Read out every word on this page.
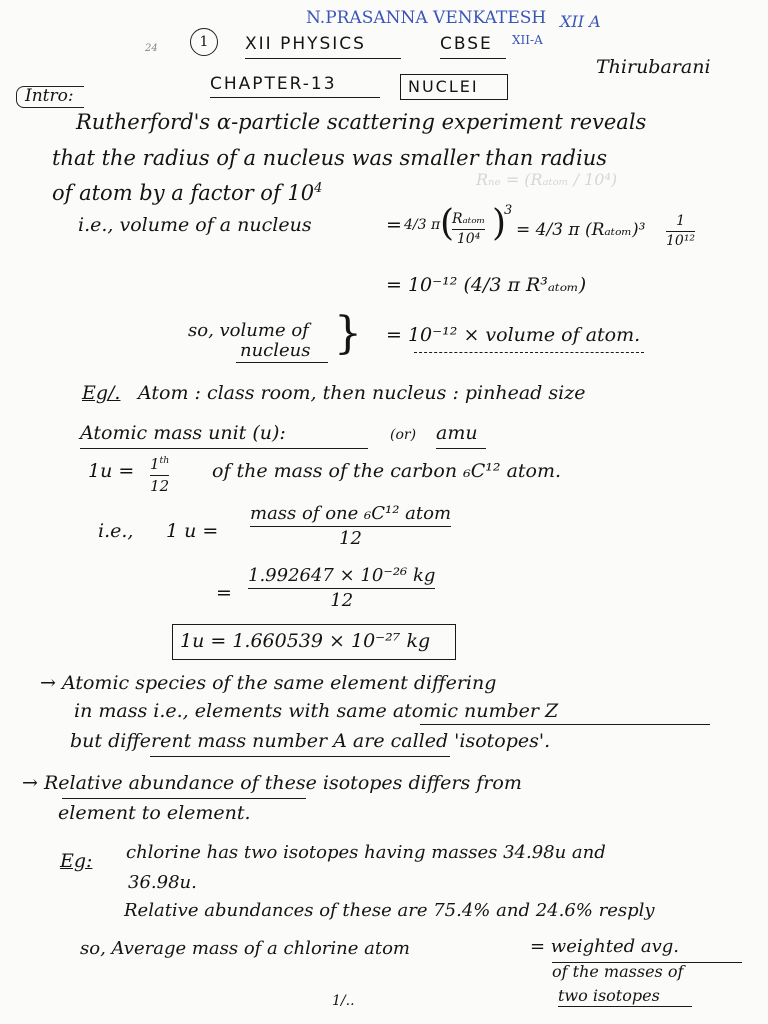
N.PRASANNA VENKATESH XII A
XII-A
24	1	XII PHYSICS	CBSE
Thirubarani
CHAPTER-13	NUCLEI
Intro:
Rutherford's α-particle scattering experiment reveals
that the radius of a nucleus was smaller than radius
of atom by a factor of $10^4$	Rₙₑ = (Rₐₜₒₘ / 10⁴)
i.e., volume of a nucleus	= 4/3 π (
Rₐₜₒₘ
10⁴ )
3
= 4/3 π (Rₐₜₒₘ)³ 1
10¹²
= 10⁻¹² (4/3 π R³ₐₜₒₘ)
so, volume of
nucleus } = 10⁻¹² × volume of atom.
Eg/. Atom : class room, then nucleus : pinhead size
Atomic mass unit (u):	(or) amu
1u = 1th
12
of the mass of the carbon ₆C¹² atom.
i.e., 1 u =
mass of one ₆C¹² atom
12
=
1.992647 × 10⁻²⁶ kg
12
1u = 1.660539 × 10⁻²⁷ kg
→ Atomic species of the same element differing
in mass i.e., elements with same atomic number Z
but different mass number A are called 'isotopes'.
→ Relative abundance of these isotopes differs from
element to element.
Eg: chlorine has two isotopes having masses 34.98u and
36.98u.
Relative abundances of these are 75.4% and 24.6% resply
so, Average mass of a chlorine atom	= weighted avg.
of the masses of
two isotopes
1/..
